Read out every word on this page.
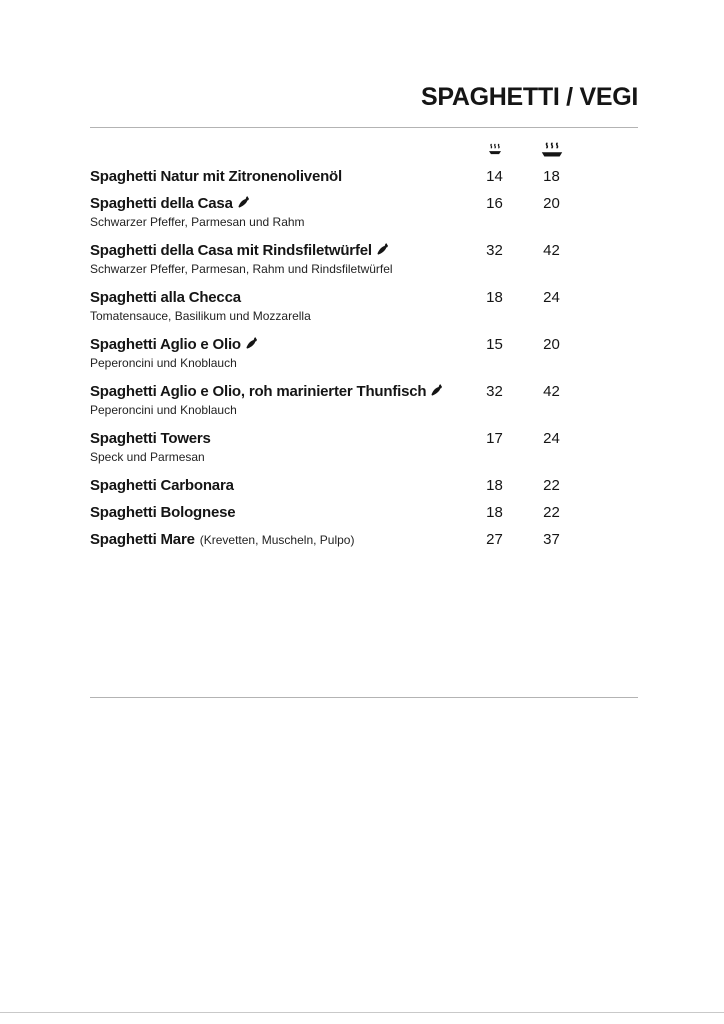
SPAGHETTI / VEGI
Spaghetti Natur mit Zitronenolivenöl	14	18
Spaghetti della Casa	16	20
Schwarzer Pfeffer, Parmesan und Rahm
Spaghetti della Casa mit Rindsfiletwürfel	32	42
Schwarzer Pfeffer, Parmesan, Rahm und Rindsfiletwürfel
Spaghetti alla Checca	18	24
Tomatensauce, Basilikum und Mozzarella
Spaghetti Aglio e Olio	15	20
Peperoncini und Knoblauch
Spaghetti Aglio e Olio, roh marinierter Thunfisch	32	42
Peperoncini und Knoblauch
Spaghetti Towers	17	24
Speck und Parmesan
Spaghetti Carbonara	18	22
Spaghetti Bolognese	18	22
Spaghetti Mare (Krevetten, Muscheln, Pulpo)	27	37
